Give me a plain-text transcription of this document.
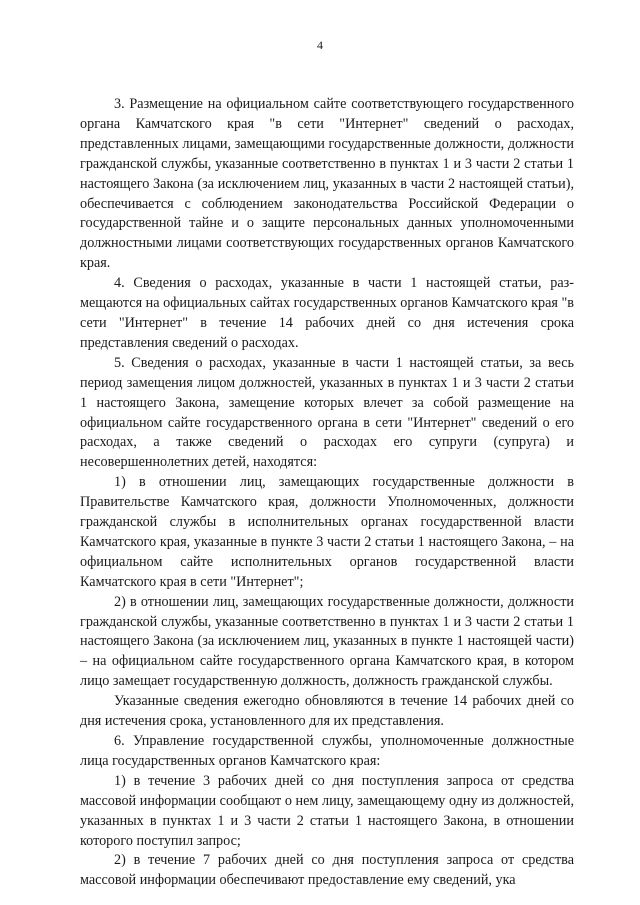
4

3. Размещение на официальном сайте соответствующего государственного органа Камчатского края "в сети "Интернет" сведений о расходах, представленных лицами, замещающими государственные должности, должности гражданской службы, указанные соответственно в пунктах 1 и 3 части 2 статьи 1 настоящего Закона (за исключением лиц, указанных в части 2 настоящей статьи), обеспечивается с соблюдением законодательства Российской Федерации о государственной тайне и о защите персональных данных уполномоченными должностными лицами соответствующих государственных органов Камчатского края.

4. Сведения о расходах, указанные в части 1 настоящей статьи, размещаются на официальных сайтах государственных органов Камчатского края "в сети "Интернет" в течение 14 рабочих дней со дня истечения срока представления сведений о расходах.

5. Сведения о расходах, указанные в части 1 настоящей статьи, за весь период замещения лицом должностей, указанных в пунктах 1 и 3 части 2 статьи 1 настоящего Закона, замещение которых влечет за собой размещение на официальном сайте государственного органа в сети "Интернет" сведений о его расходах, а также сведений о расходах его супруги (супруга) и несовершеннолетних детей, находятся:

1) в отношении лиц, замещающих государственные должности в Правительстве Камчатского края, должности Уполномоченных, должности гражданской службы в исполнительных органах государственной власти Камчатского края, указанные в пункте 3 части 2 статьи 1 настоящего Закона, – на официальном сайте исполнительных органов государственной власти Камчатского края в сети "Интернет";

2) в отношении лиц, замещающих государственные должности, должности гражданской службы, указанные соответственно в пунктах 1 и 3 части 2 статьи 1 настоящего Закона (за исключением лиц, указанных в пункте 1 настоящей части) – на официальном сайте государственного органа Камчатского края, в котором лицо замещает государственную должность, должность гражданской службы.

Указанные сведения ежегодно обновляются в течение 14 рабочих дней со дня истечения срока, установленного для их представления.

6. Управление государственной службы, уполномоченные должностные лица государственных органов Камчатского края:

1) в течение 3 рабочих дней со дня поступления запроса от средства массовой информации сообщают о нем лицу, замещающему одну из должностей, указанных в пунктах 1 и 3 части 2 статьи 1 настоящего Закона, в отношении которого поступил запрос;

2) в течение 7 рабочих дней со дня поступления запроса от средства массовой информации обеспечивают предоставление ему сведений, ука
